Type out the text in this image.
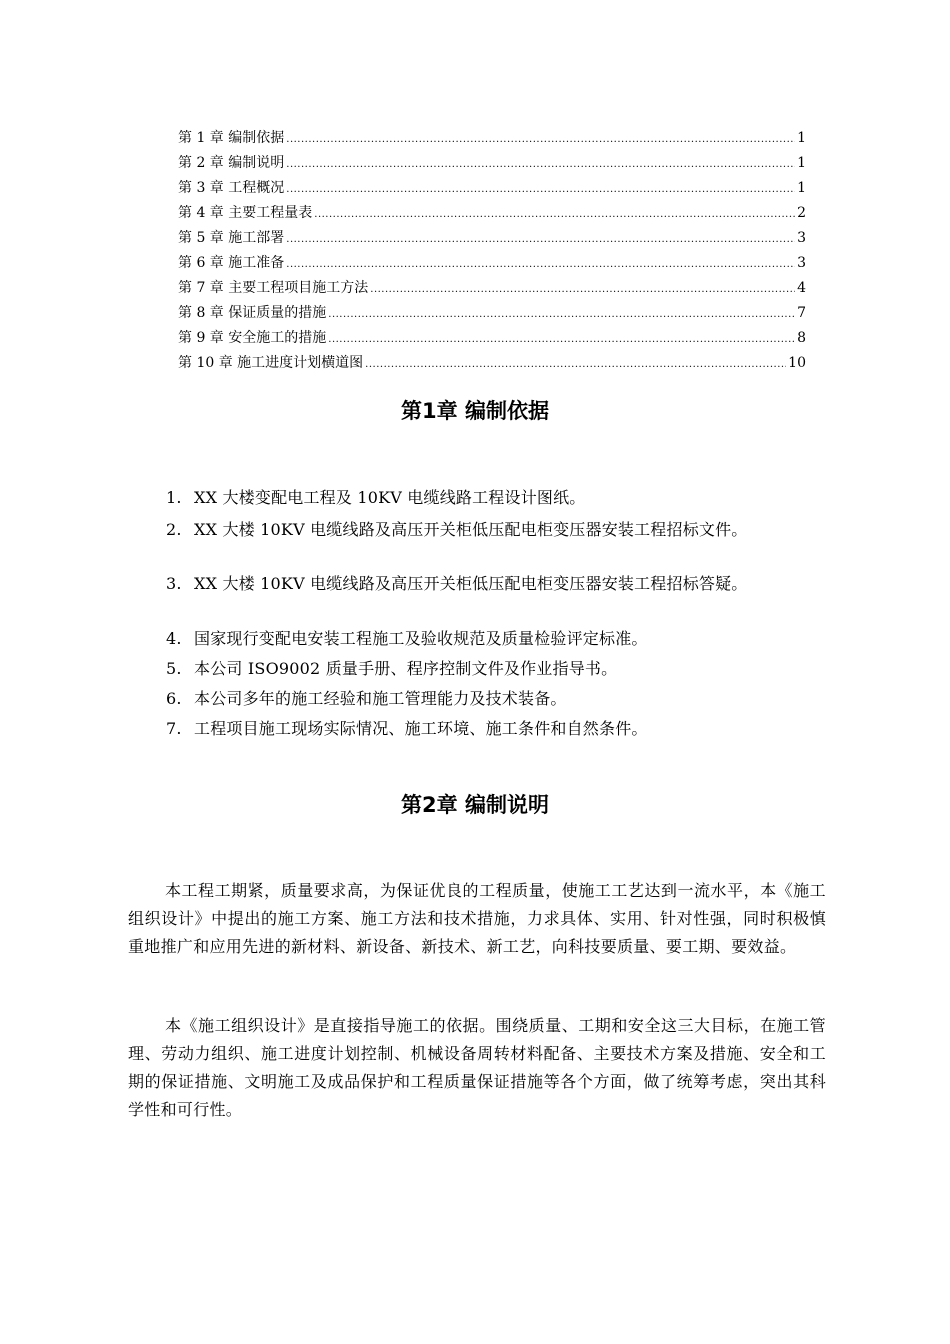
第 1 章 编制依据 .....	1
第 2 章 编制说明 .....	1
第 3 章 工程概况 .....	1
第 4 章 主要工程量表 .....	2
第 5 章 施工部署 .....	3
第 6 章 施工准备 .....	3
第 7 章 主要工程项目施工方法 .....	4
第 8 章 保证质量的措施 .....	7
第 9 章 安全施工的措施 .....	8
第 10 章 施工进度计划横道图 .....	10
第1章 编制依据
1. XX 大楼变配电工程及 10KV 电缆线路工程设计图纸。
2. XX 大楼 10KV 电缆线路及高压开关柜低压配电柜变压器安装工程招标文件。
3. XX 大楼 10KV 电缆线路及高压开关柜低压配电柜变压器安装工程招标答疑。
4. 国家现行变配电安装工程施工及验收规范及质量检验评定标准。
5. 本公司 ISO9002 质量手册、程序控制文件及作业指导书。
6. 本公司多年的施工经验和施工管理能力及技术装备。
7. 工程项目施工现场实际情况、施工环境、施工条件和自然条件。
第2章 编制说明

本工程工期紧，质量要求高，为保证优良的工程质量，使施工工艺达到一流水平，本《施工组织设计》中提出的施工方案、施工方法和技术措施，力求具体、实用、针对性强，同时积极慎重地推广和应用先进的新材料、新设备、新技术、新工艺，向科技要质量、要工期、要效益。

本《施工组织设计》是直接指导施工的依据。围绕质量、工期和安全这三大目标，在施工管理、劳动力组织、施工进度计划控制、机械设备周转材料配备、主要技术方案及措施、安全和工期的保证措施、文明施工及成品保护和工程质量保证措施等各个方面，做了统筹考虑，突出其科学性和可行性。
